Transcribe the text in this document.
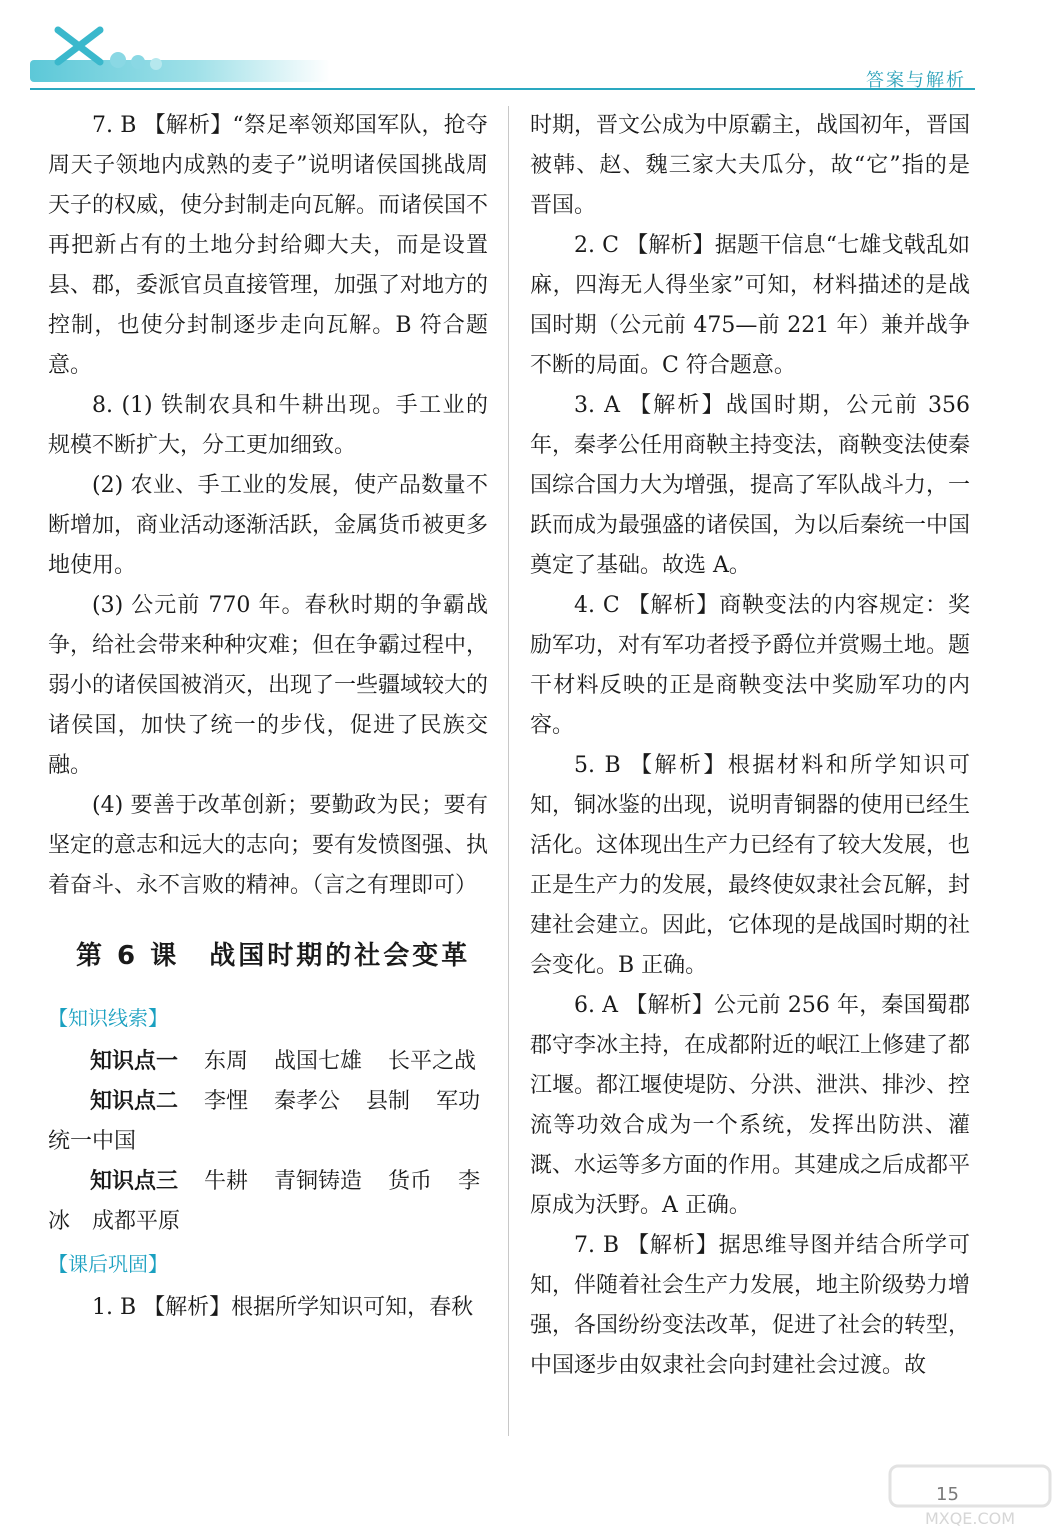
答案与解析

7. B 【解析】“祭足率领郑国军队，抢夺周天子领地内成熟的麦子”说明诸侯国挑战周天子的权威，使分封制走向瓦解。而诸侯国不再把新占有的土地分封给卿大夫，而是设置县、郡，委派官员直接管理，加强了对地方的控制，也使分封制逐步走向瓦解。B 符合题意。

8. (1) 铁制农具和牛耕出现。手工业的规模不断扩大，分工更加细致。

(2) 农业、手工业的发展，使产品数量不断增加，商业活动逐渐活跃，金属货币被更多地使用。

(3) 公元前 770 年。春秋时期的争霸战争，给社会带来种种灾难；但在争霸过程中，弱小的诸侯国被消灭，出现了一些疆域较大的诸侯国，加快了统一的步伐，促进了民族交融。

(4) 要善于改革创新；要勤政为民；要有坚定的意志和远大的志向；要有发愤图强、执着奋斗、永不言败的精神。（言之有理即可）

第 6 课 战国时期的社会变革
【知识线索】
知识点一 东周 战国七雄 长平之战
知识点二 李悝 秦孝公 县制 军功
统一中国
知识点三 牛耕 青铜铸造 货币 李
冰　成都平原
【课后巩固】

1. B 【解析】根据所学知识可知，春秋

时期，晋文公成为中原霸主，战国初年，晋国被韩、赵、魏三家大夫瓜分，故“它”指的是晋国。

2. C 【解析】据题干信息“七雄戈戟乱如麻，四海无人得坐家”可知，材料描述的是战国时期（公元前 475—前 221 年）兼并战争不断的局面。C 符合题意。

3. A 【解析】战国时期，公元前 356 年，秦孝公任用商鞅主持变法，商鞅变法使秦国综合国力大为增强，提高了军队战斗力，一跃而成为最强盛的诸侯国，为以后秦统一中国奠定了基础。故选 A。

4. C 【解析】商鞅变法的内容规定：奖励军功，对有军功者授予爵位并赏赐土地。题干材料反映的正是商鞅变法中奖励军功的内容。

5. B 【解析】根据材料和所学知识可知，铜冰鉴的出现，说明青铜器的使用已经生活化。这体现出生产力已经有了较大发展，也正是生产力的发展，最终使奴隶社会瓦解，封建社会建立。因此，它体现的是战国时期的社会变化。B 正确。

6. A 【解析】公元前 256 年，秦国蜀郡郡守李冰主持，在成都附近的岷江上修建了都江堰。都江堰使堤防、分洪、泄洪、排沙、控流等功效合成为一个系统，发挥出防洪、灌溉、水运等多方面的作用。其建成之后成都平原成为沃野。A 正确。

7. B 【解析】据思维导图并结合所学可知，伴随着社会生产力发展，地主阶级势力增强，各国纷纷变法改革，促进了社会的转型，中国逐步由奴隶社会向封建社会过渡。故

MXQE.COM
15
